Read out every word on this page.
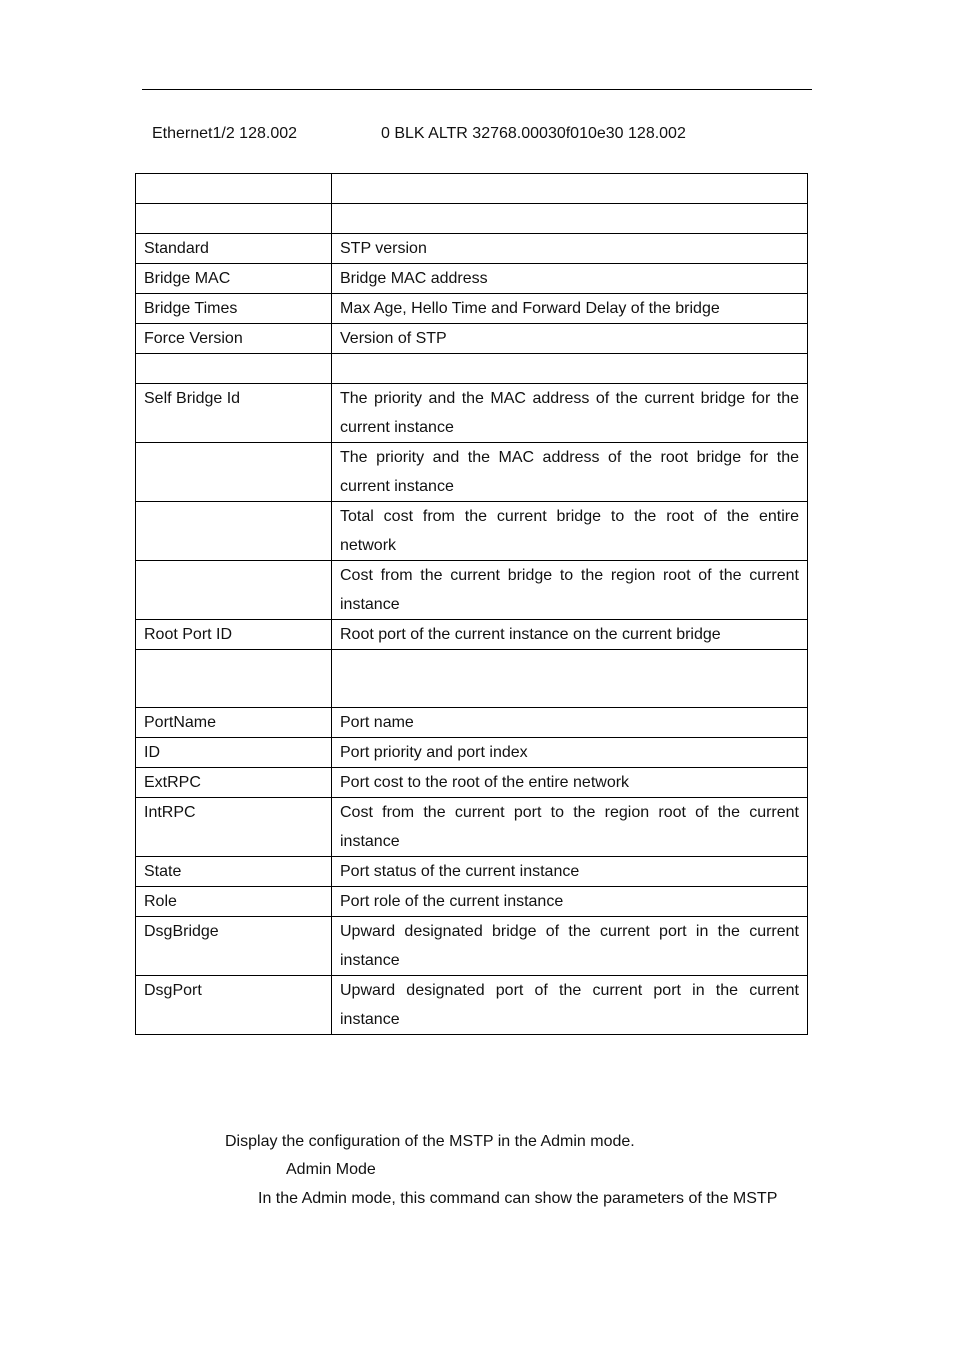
Ethernet1/2 128.002

	0 BLK ALTR 32768.00030f010e30 128.002

Standard	STP version
Bridge MAC	Bridge MAC address
Bridge Times	Max Age, Hello Time and Forward Delay of the bridge
Force Version	Version of STP

Self Bridge Id	The priority and the MAC address of the current bridge for the     current instance
	The priority and the MAC address of the root bridge for the current instance
	Total cost from the current bridge to the root of the entire network
	Cost from the current bridge to the region root of the current instance
Root Port ID	Root port of the current instance on the current bridge

PortName	Port name
ID	Port priority and port index
ExtRPC	Port cost to the root of the entire network
IntRPC	Cost from the current port to the region root of the current instance
State	Port status of the current instance
Role	Port role of the current instance
DsgBridge	Upward designated bridge of the current port in the current instance
DsgPort	Upward designated port of the current port in the current instance
Display the configuration of the MSTP in the Admin mode.
Admin Mode
In the Admin mode, this command can show the parameters of the MSTP
